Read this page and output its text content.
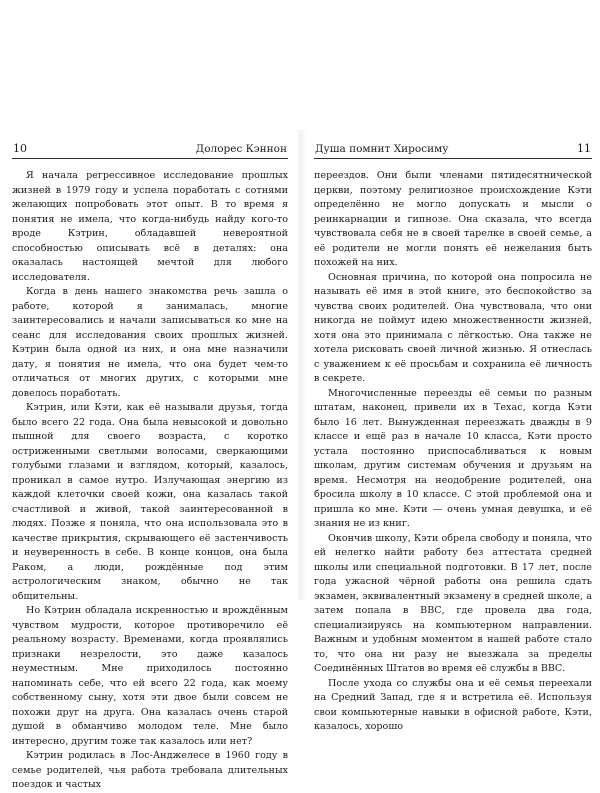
10	Долорес Кэннон

Я начала регрессивное исследование прошлых жизней в 1979 году и успела поработать с сотнями желающих попробовать этот опыт. В то время я понятия не имела, что когда-нибудь найду кого-то вроде Кэтрин, обладавшей невероятной способностью описывать всё в деталях: она оказалась настоящей мечтой для любого исследователя.

Когда в день нашего знакомства речь зашла о работе, которой я занималась, многие заинтересовались и начали записываться ко мне на сеанс для исследования своих прошлых жизней. Кэтрин была одной из них, и она мне назначили дату, я понятия не имела, что она будет чем-то отличаться от многих других, с которыми мне довелось поработать.

Кэтрин, или Кэти, как её называли друзья, тогда было всего 22 года. Она была невысокой и довольно пышной для своего возраста, с коротко остриженными светлыми волосами, сверкающими голубыми глазами и взглядом, который, казалось, проникал в самое нутро. Излучающая энергию из каждой клеточки своей кожи, она казалась такой счастливой и живой, такой заинтересованной в людях. Позже я поняла, что она использовала это в качестве прикрытия, скрывающего её застенчивость и неуверенность в себе. В конце концов, она была Раком, а люди, рождённые под этим астрологическим знаком, обычно не так общительны.

Но Кэтрин обладала искренностью и врождённым чувством мудрости, которое противоречило её реальному возрасту. Временами, когда проявлялись признаки незрелости, это даже казалось неуместным. Мне приходилось постоянно напоминать себе, что ей всего 22 года, как моему собственному сыну, хотя эти двое были совсем не похожи друг на друга. Она казалась очень старой душой в обманчиво молодом теле. Мне было интересно, другим тоже так казалось или нет?

Кэтрин родилась в Лос-Анджелесе в 1960 году в семье родителей, чья работа требовала длительных поездок и частых

Душа помнит Хиросиму	11

переездов. Они были членами пятидесятнической церкви, поэтому религиозное происхождение Кэти определённо не могло допускать и мысли о реинкарнации и гипнозе. Она сказала, что всегда чувствовала себя не в своей тарелке в своей семье, а её родители не могли понять её нежелания быть похожей на них.

Основная причина, по которой она попросила не называть её имя в этой книге, это беспокойство за чувства своих родителей. Она чувствовала, что они никогда не поймут идею множественности жизней, хотя она это принимала с лёгкостью. Она также не хотела рисковать своей личной жизнью. Я отнеслась с уважением к её просьбам и сохранила её личность в секрете.

Многочисленные переезды её семьи по разным штатам, наконец, привели их в Техас, когда Кэти было 16 лет. Вынужденная переезжать дважды в 9 классе и ещё раз в начале 10 класса, Кэти просто устала постоянно приспосабливаться к новым школам, другим системам обучения и друзьям на время. Несмотря на неодобрение родителей, она бросила школу в 10 классе. С этой проблемой она и пришла ко мне. Кэти — очень умная девушка, и её знания не из книг.

Окончив школу, Кэти обрела свободу и поняла, что ей нелегко найти работу без аттестата средней школы или специальной подготовки. В 17 лет, после года ужасной чёрной работы она решила сдать экзамен, эквивалентный экзамену в средней школе, а затем попала в ВВС, где провела два года, специализируясь на компьютерном направлении. Важным и удобным моментом в нашей работе стало то, что она ни разу не выезжала за пределы Соединённых Штатов во время её службы в ВВС.

После ухода со службы она и её семья переехали на Средний Запад, где я и встретила её. Используя свои компьютерные навыки в офисной работе, Кэти, казалось, хорошо
